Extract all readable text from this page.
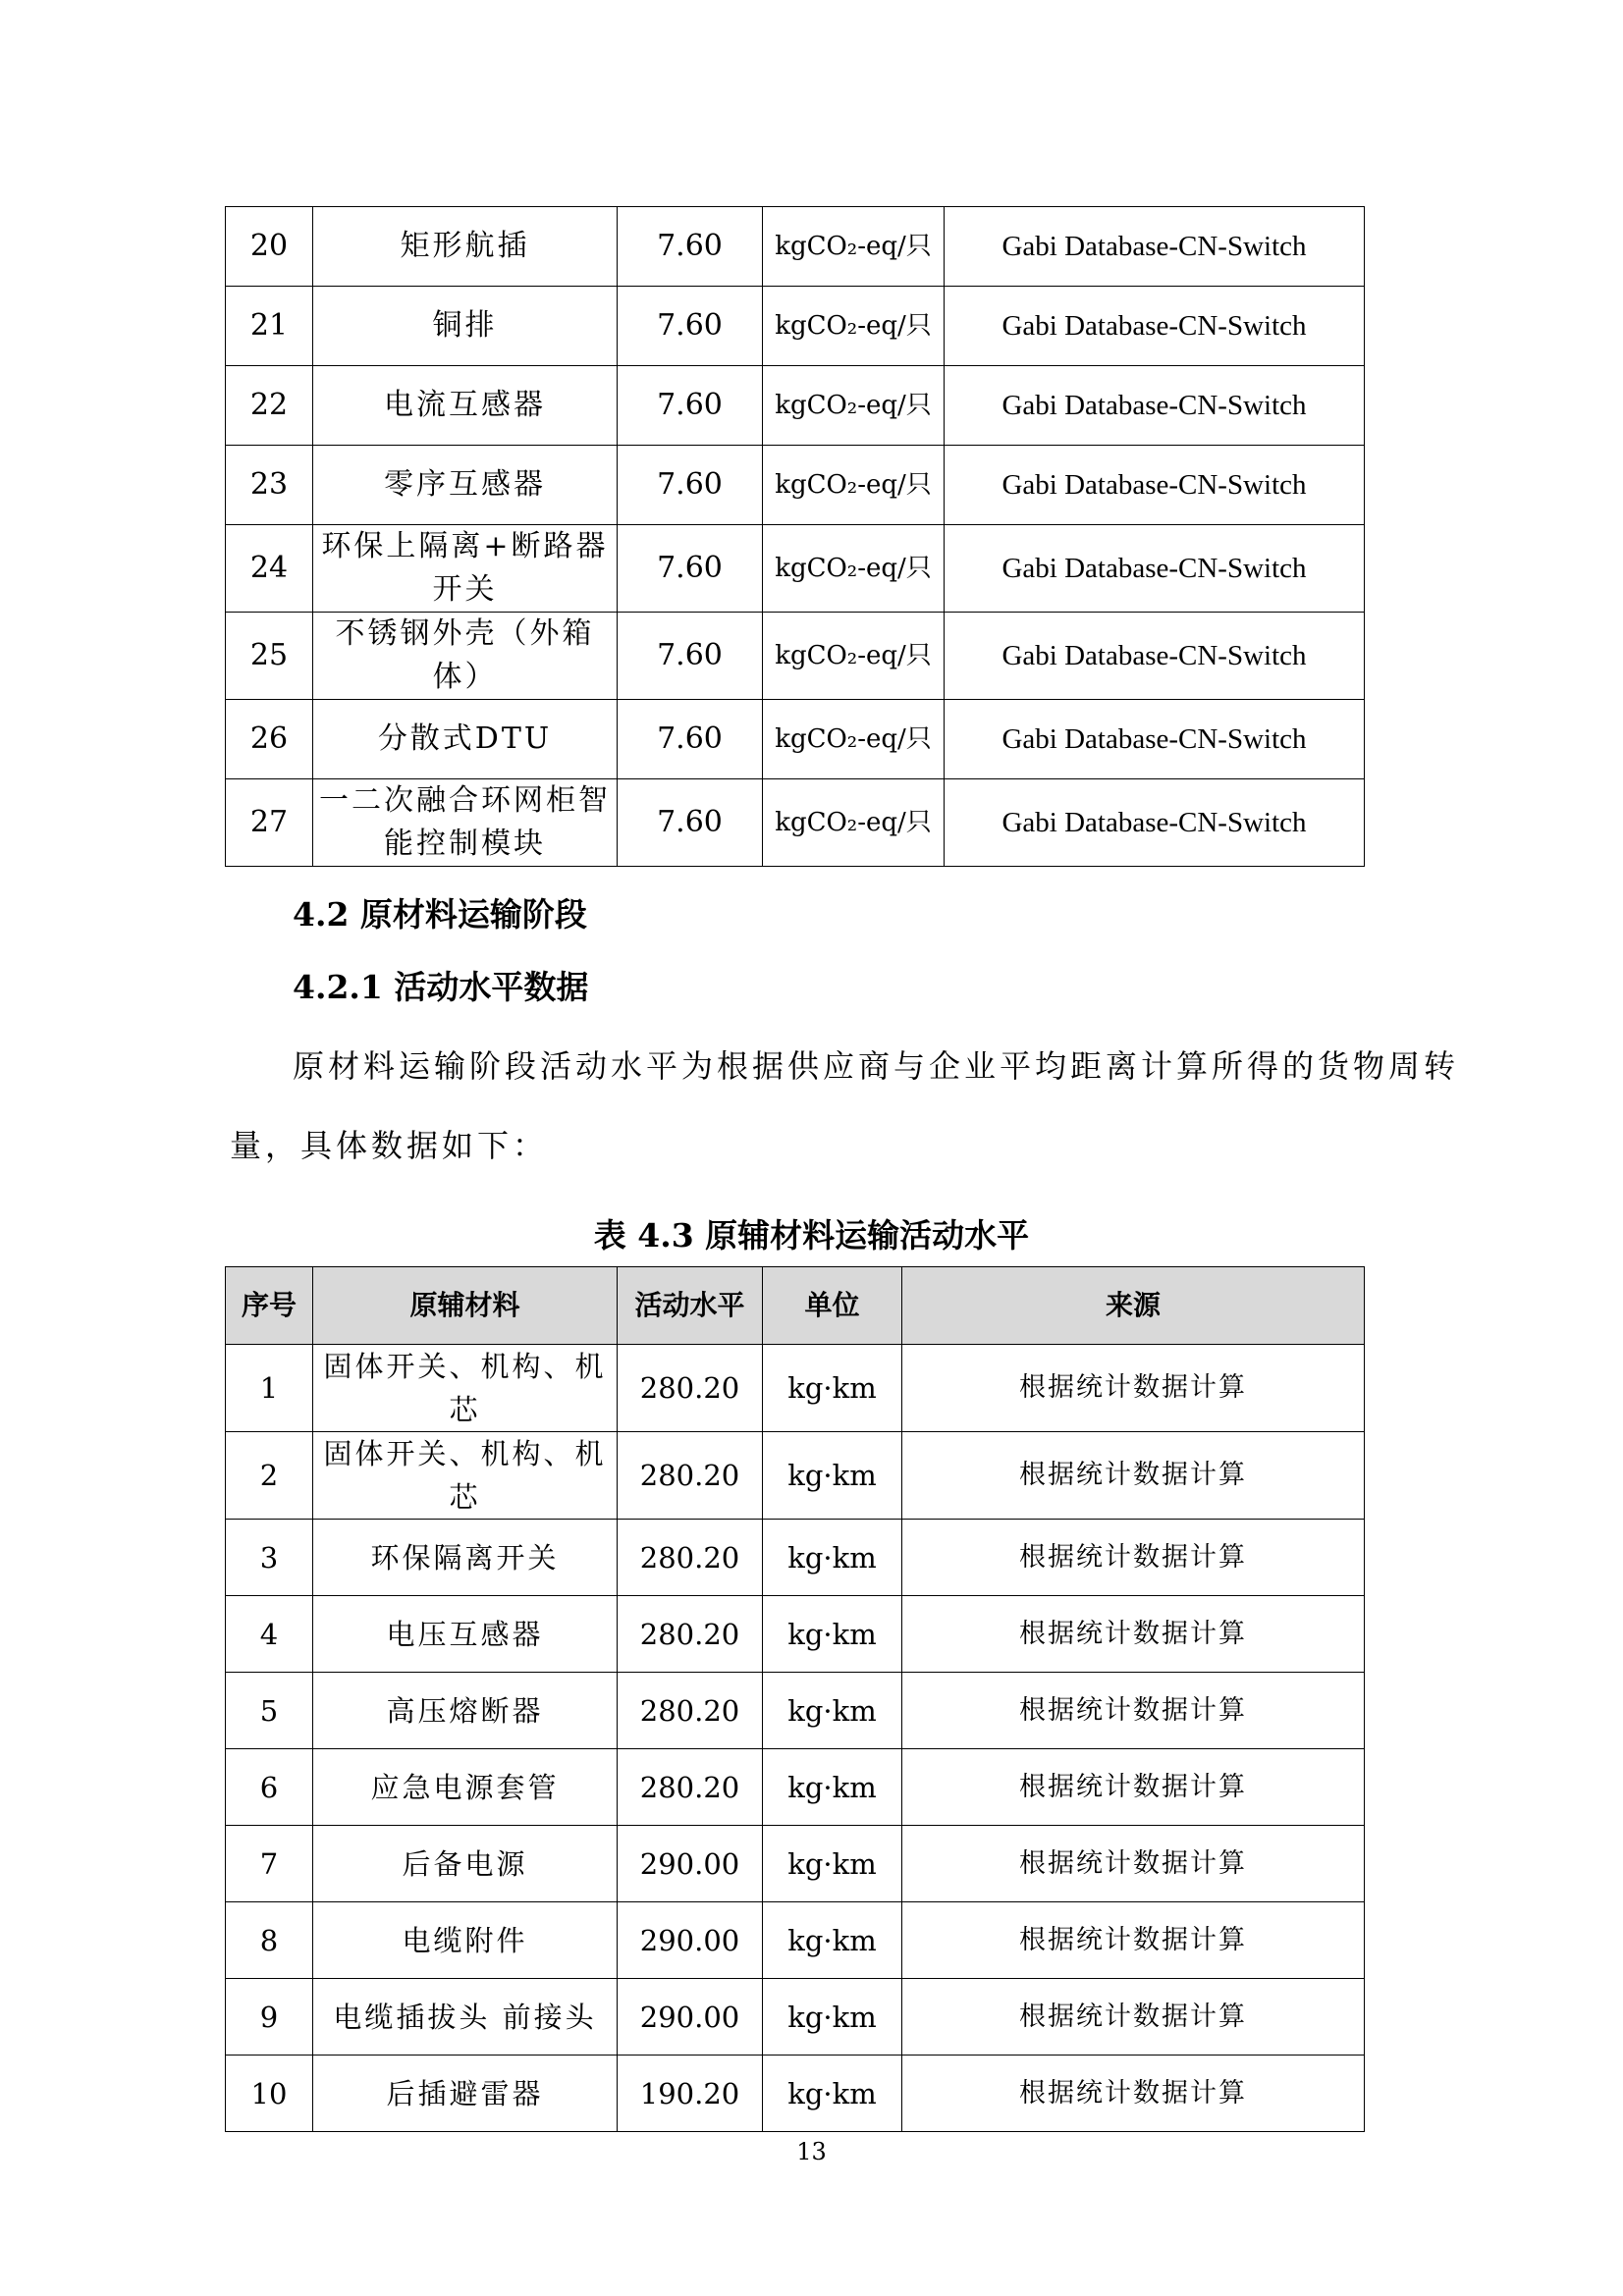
20	矩形航插	7.60	kgCO₂-eq/只	Gabi Database-CN-Switch
21	铜排	7.60	kgCO₂-eq/只	Gabi Database-CN-Switch
22	电流互感器	7.60	kgCO₂-eq/只	Gabi Database-CN-Switch
23	零序互感器	7.60	kgCO₂-eq/只	Gabi Database-CN-Switch
24	环保上隔离+断路器开关	7.60	kgCO₂-eq/只	Gabi Database-CN-Switch
25	不锈钢外壳（外箱体）	7.60	kgCO₂-eq/只	Gabi Database-CN-Switch
26	分散式DTU	7.60	kgCO₂-eq/只	Gabi Database-CN-Switch
27	一二次融合环网柜智能控制模块	7.60	kgCO₂-eq/只	Gabi Database-CN-Switch
4.2 原材料运输阶段
4.2.1 活动水平数据
原材料运输阶段活动水平为根据供应商与企业平均距离计算所得的货物周转
量，具体数据如下：
表 4.3 原辅材料运输活动水平
序号	原辅材料	活动水平	单位	来源
1	固体开关、机构、机芯	280.20	kg·km	根据统计数据计算
2	固体开关、机构、机芯	280.20	kg·km	根据统计数据计算
3	环保隔离开关	280.20	kg·km	根据统计数据计算
4	电压互感器	280.20	kg·km	根据统计数据计算
5	高压熔断器	280.20	kg·km	根据统计数据计算
6	应急电源套管	280.20	kg·km	根据统计数据计算
7	后备电源	290.00	kg·km	根据统计数据计算
8	电缆附件	290.00	kg·km	根据统计数据计算
9	电缆插拔头 前接头	290.00	kg·km	根据统计数据计算
10	后插避雷器	190.20	kg·km	根据统计数据计算
13
